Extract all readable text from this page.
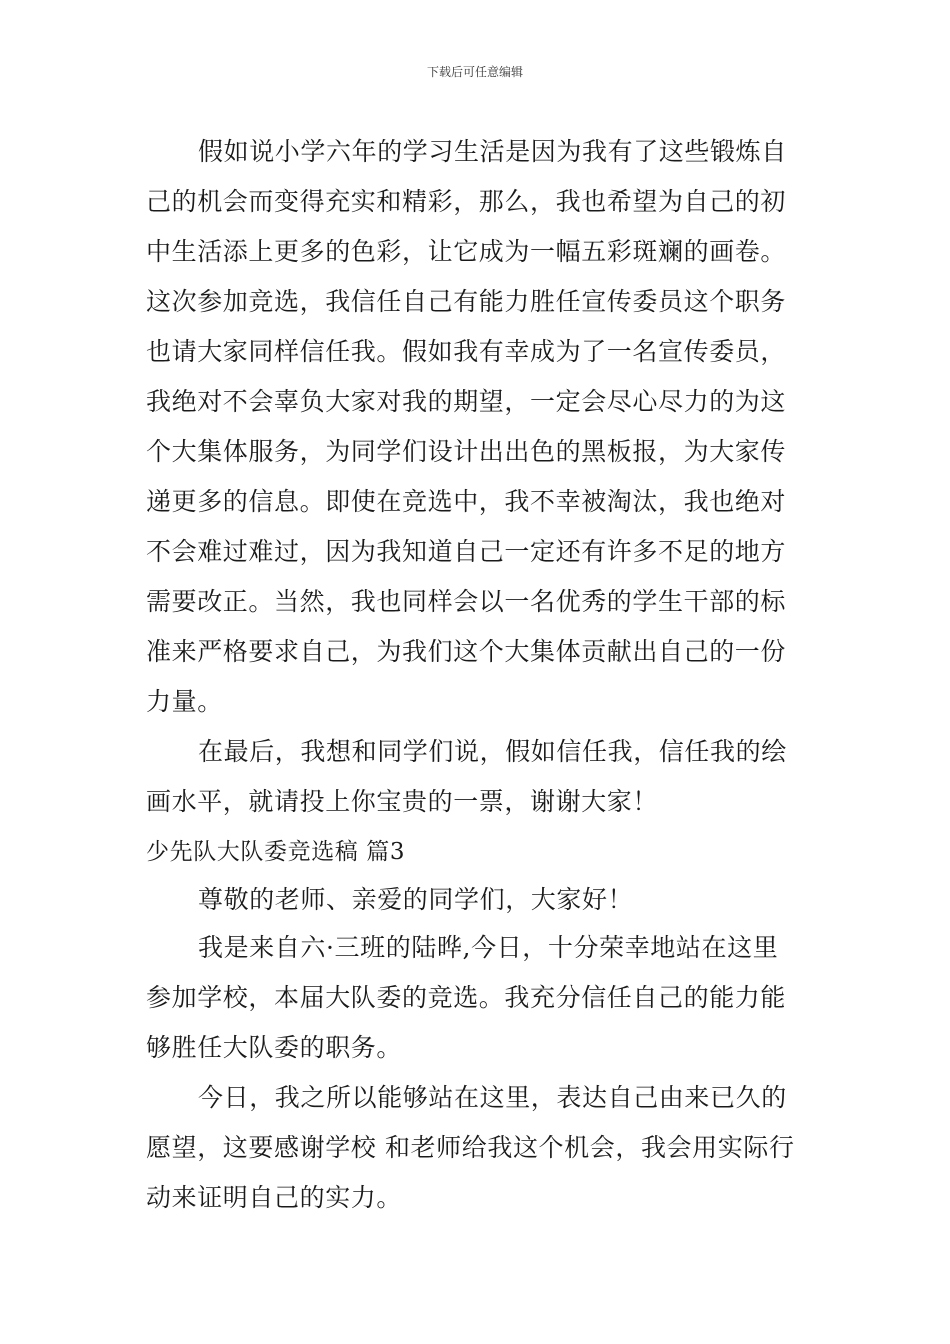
下载后可任意编辑
假如说小学六年的学习生活是因为我有了这些锻炼自
己的机会而变得充实和精彩，那么，我也希望为自己的初
中生活添上更多的色彩，让它成为一幅五彩斑斓的画卷。
这次参加竞选，我信任自己有能力胜任宣传委员这个职务
也请大家同样信任我。假如我有幸成为了一名宣传委员，
我绝对不会辜负大家对我的期望，一定会尽心尽力的为这
个大集体服务，为同学们设计出出色的黑板报，为大家传
递更多的信息。即使在竞选中，我不幸被淘汰，我也绝对
不会难过难过，因为我知道自己一定还有许多不足的地方
需要改正。当然，我也同样会以一名优秀的学生干部的标
准来严格要求自己，为我们这个大集体贡献出自己的一份
力量。
在最后，我想和同学们说，假如信任我，信任我的绘
画水平，就请投上你宝贵的一票，谢谢大家！
少先队大队委竞选稿 篇3
尊敬的老师、亲爱的同学们，大家好！
我是来自六·三班的陆晔,今日，十分荣幸地站在这里
参加学校，本届大队委的竞选。我充分信任自己的能力能
够胜任大队委的职务。
今日，我之所以能够站在这里，表达自己由来已久的
愿望，这要感谢学校 和老师给我这个机会，我会用实际行
动来证明自己的实力。
